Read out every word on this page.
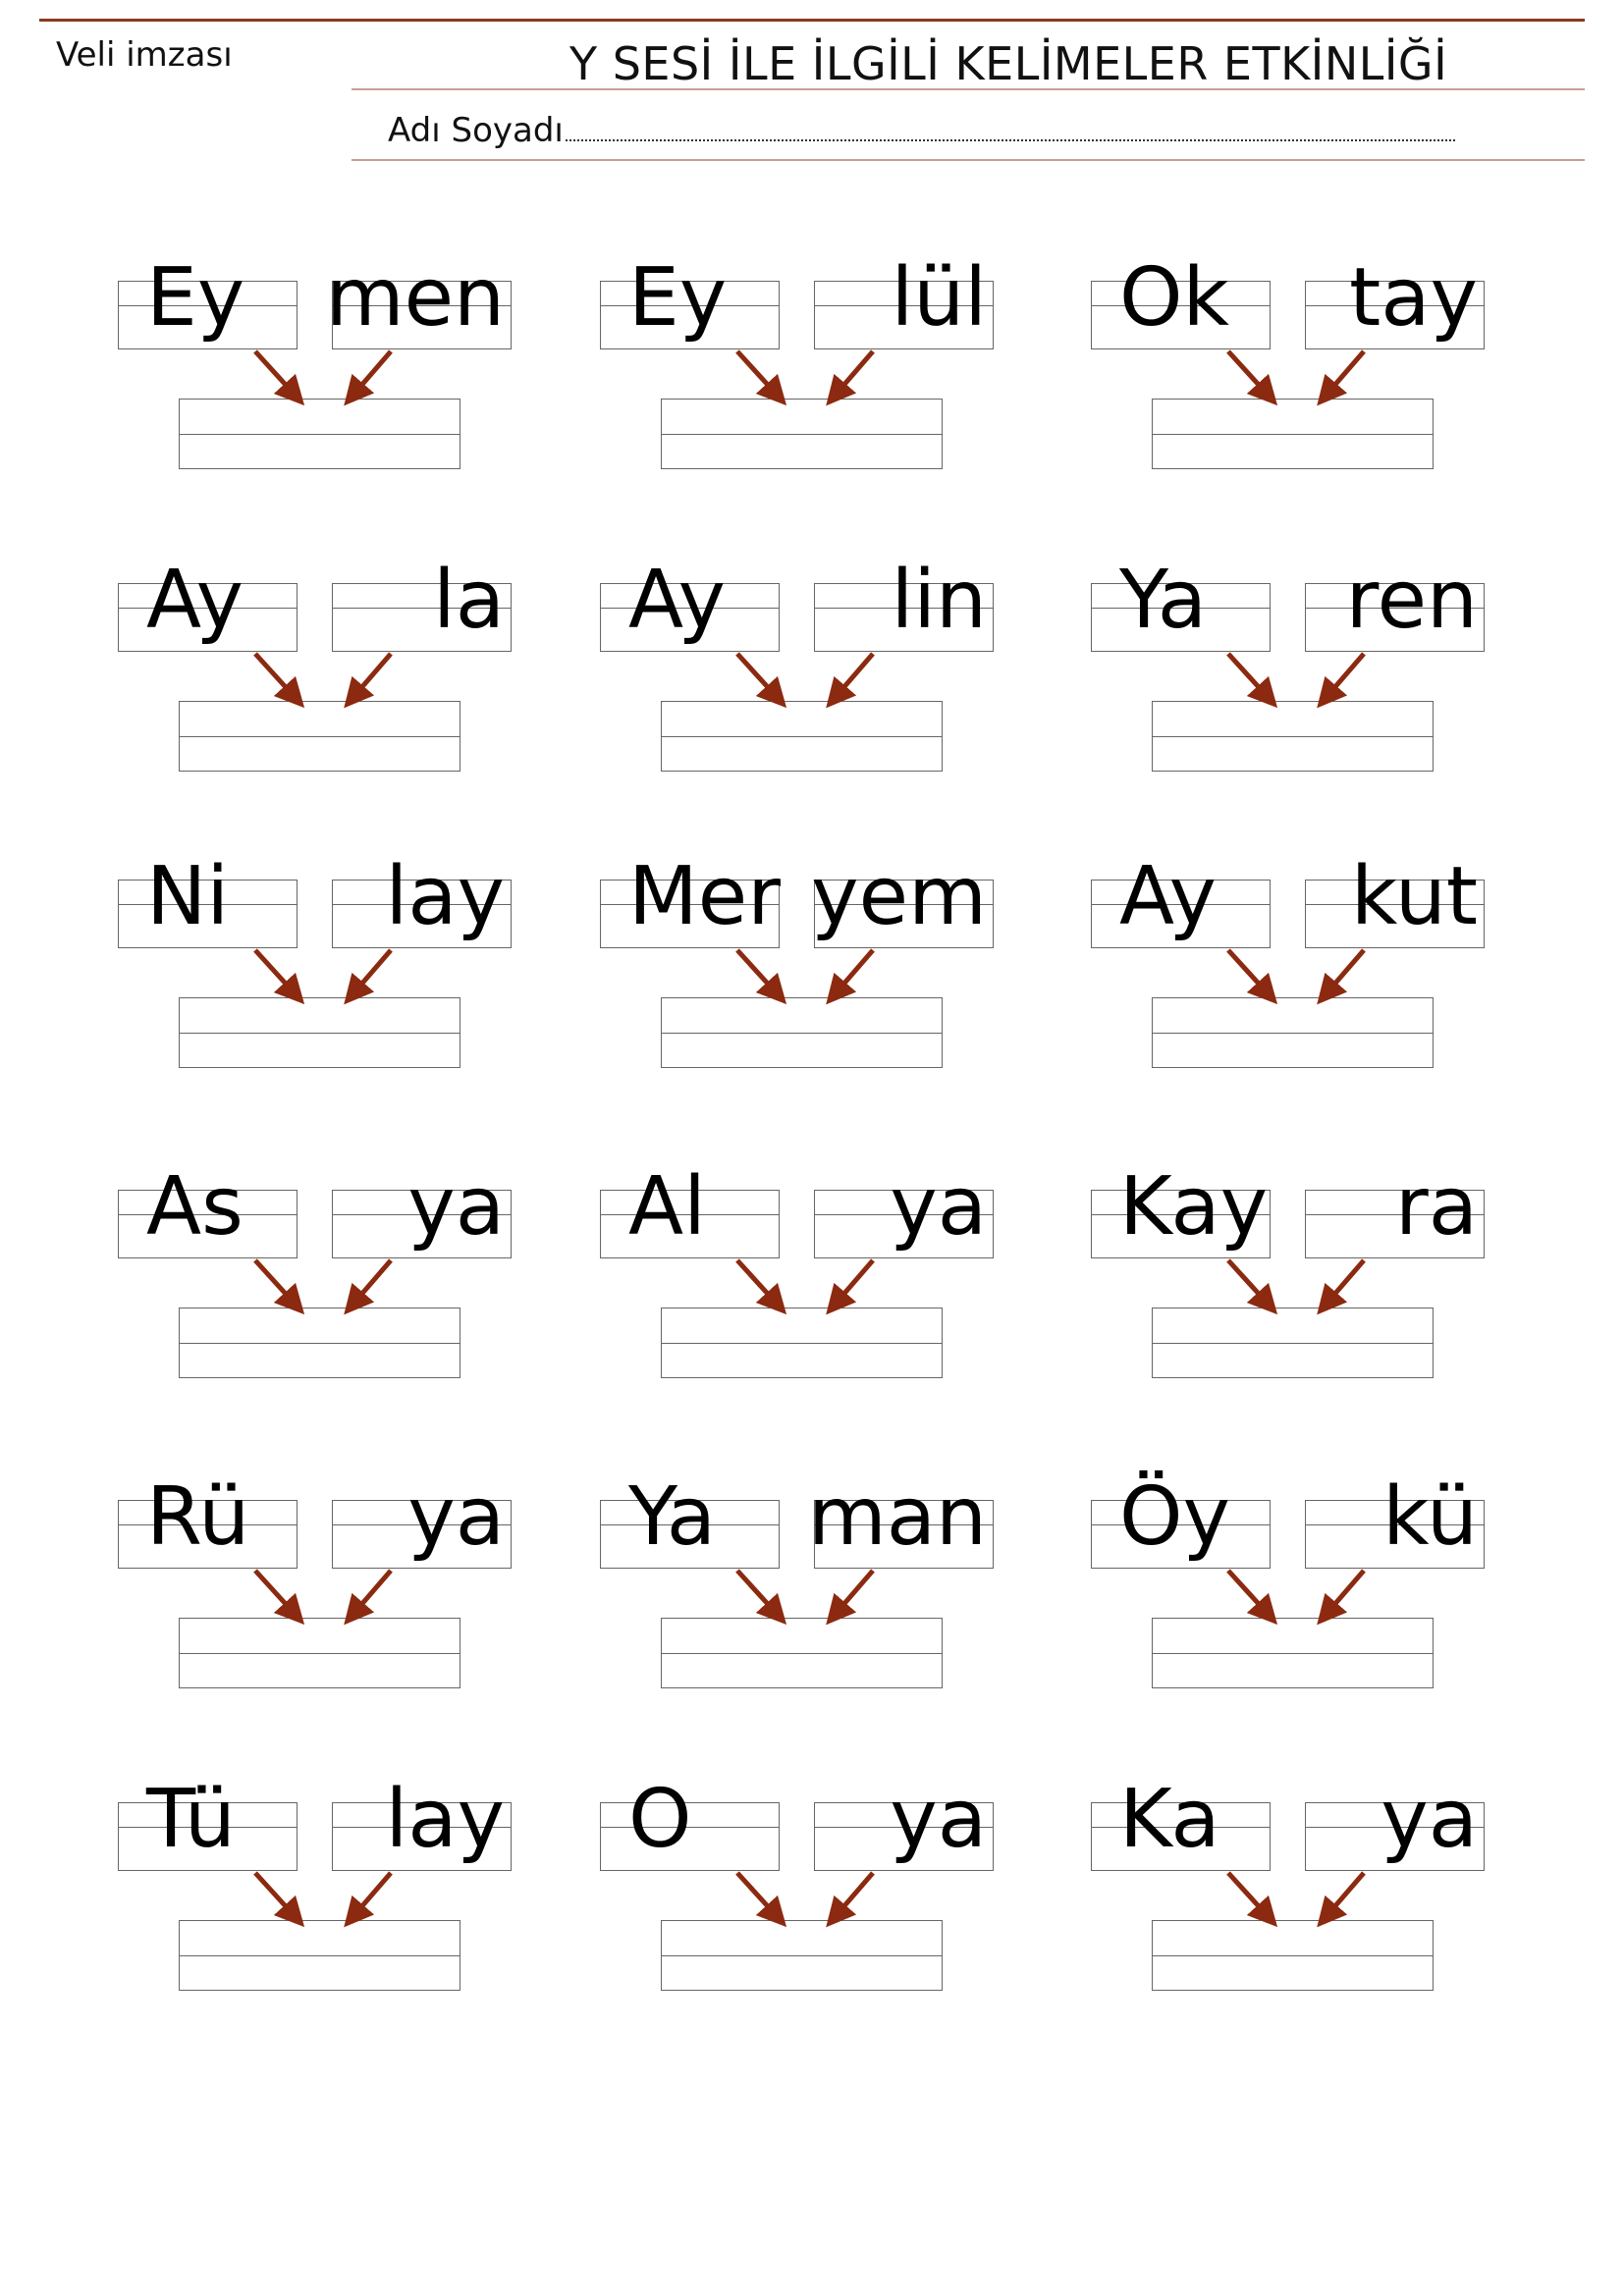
Veli imzası	Y SESİ İLE İLGİLİ KELİMELER ETKİNLİĞİ
Adı Soyadı
Ey men Ey lül Ok tay
Ay la Ay lin Ya ren
Ni lay Mer yem Ay kut
As ya Al ya Kay ra
Rü ya Ya man Öy kü
Tü lay O ya Ka ya
